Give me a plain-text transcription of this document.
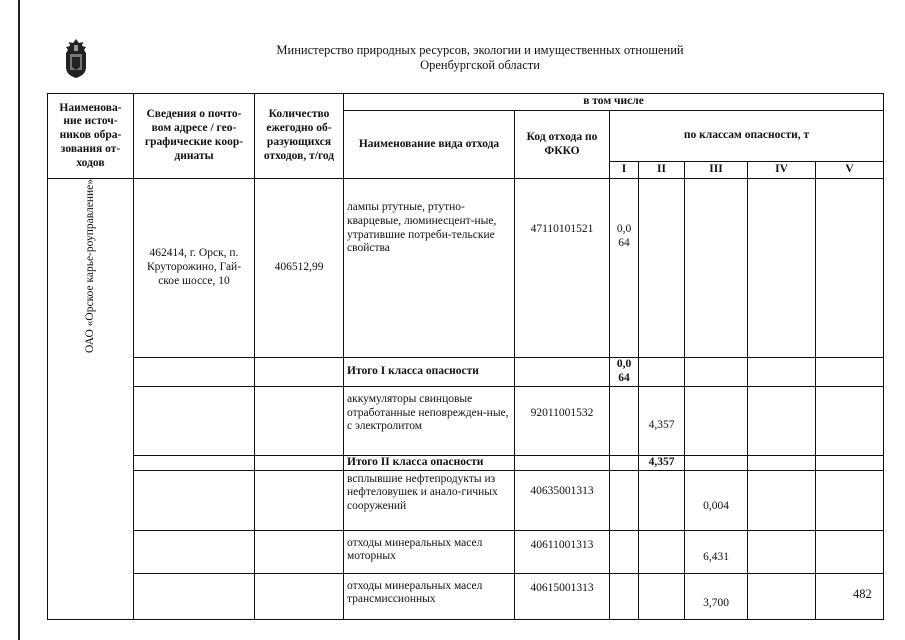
Министерство природных ресурсов, экологии и имущественных отношений
Оренбургской области
Наименова-ние источ-ников обра-зования от-ходов	Сведения о почто-вом адресе / гео-графические коор-динаты	Количество ежегодно об-разующихся отходов, т/год	в том числе						
			Наименование вида отхода	Код отхода по ФККО	по классам опасности, т				
					I	II	III	IV	V
ОАО «Орское карье-роуправление»	462414, г. Орск, п. Круторожино, Гай-ское шоссе, 10	406512,99	лампы ртутные, ртутно-кварцевые, люминесцент-ные, утратившие потреби-тельские свойства	47110101521	0,0 64				
			Итого I класса опасности		0,0 64				
			аккумуляторы свинцовые отработанные неповрежден-ные, с электролитом	92011001532		4,357			
			Итого II класса опасности			4,357			
			всплывшие нефтепродукты из нефтеловушек и анало-гичных сооружений	40635001313			0,004		
			отходы минеральных масел моторных	40611001313			6,431		
			отходы минеральных масел трансмиссионных	40615001313			3,700		
482
